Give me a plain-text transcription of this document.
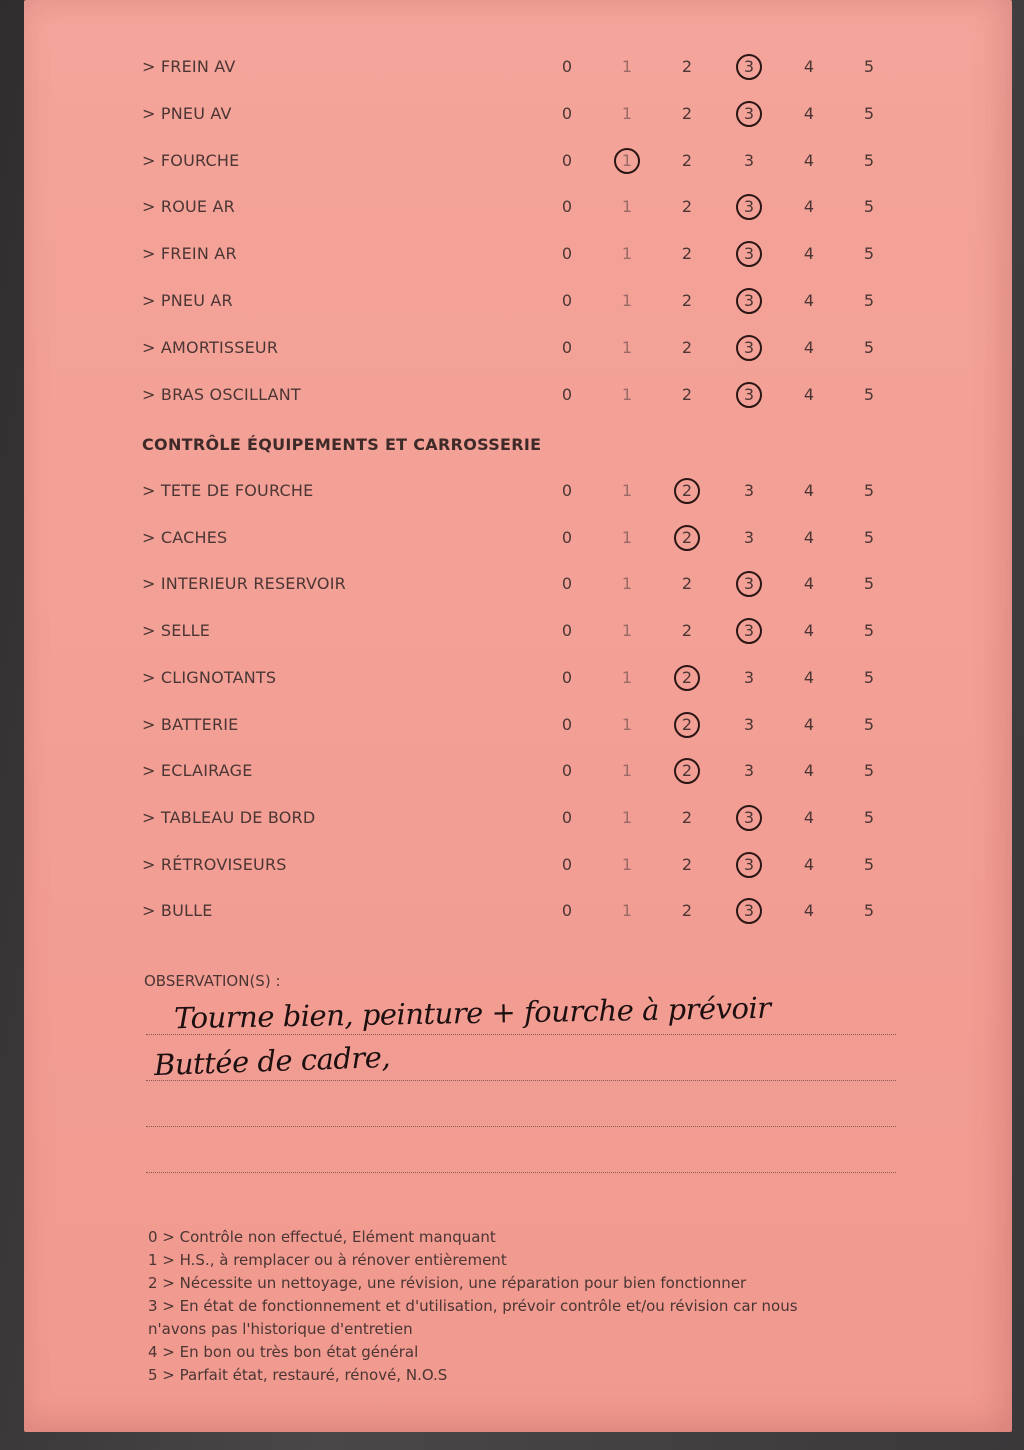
CONTRÔLE ÉQUIPEMENTS ET CARROSSERIE
OBSERVATION(S) :
Tourne bien, peinture + fourche à prévoir
Buttée de cadre,
0 > Contrôle non effectué, Elément manquant
1 > H.S., à remplacer ou à rénover entièrement
2 > Nécessite un nettoyage, une révision, une réparation pour bien fonctionner
3 > En état de fonctionnement et d'utilisation, prévoir contrôle et/ou révision car nous
n'avons pas l'historique d'entretien
4 > En bon ou très bon état général
5 > Parfait état, restauré, rénové, N.O.S
> FREIN AV	0	1	2	3	4	5
> PNEU AV	0	1	2	3	4	5
> FOURCHE	0	1	2	3	4	5
> ROUE AR	0	1	2	3	4	5
> FREIN AR	0	1	2	3	4	5
> PNEU AR	0	1	2	3	4	5
> AMORTISSEUR	0	1	2	3	4	5
> BRAS OSCILLANT	0	1	2	3	4	5
> TETE DE FOURCHE	0	1	2	3	4	5
> CACHES	0	1	2	3	4	5
> INTERIEUR RESERVOIR	0	1	2	3	4	5
> SELLE	0	1	2	3	4	5
> CLIGNOTANTS	0	1	2	3	4	5
> BATTERIE	0	1	2	3	4	5
> ECLAIRAGE	0	1	2	3	4	5
> TABLEAU DE BORD	0	1	2	3	4	5
> RÉTROVISEURS	0	1	2	3	4	5
> BULLE	0	1	2	3	4	5
